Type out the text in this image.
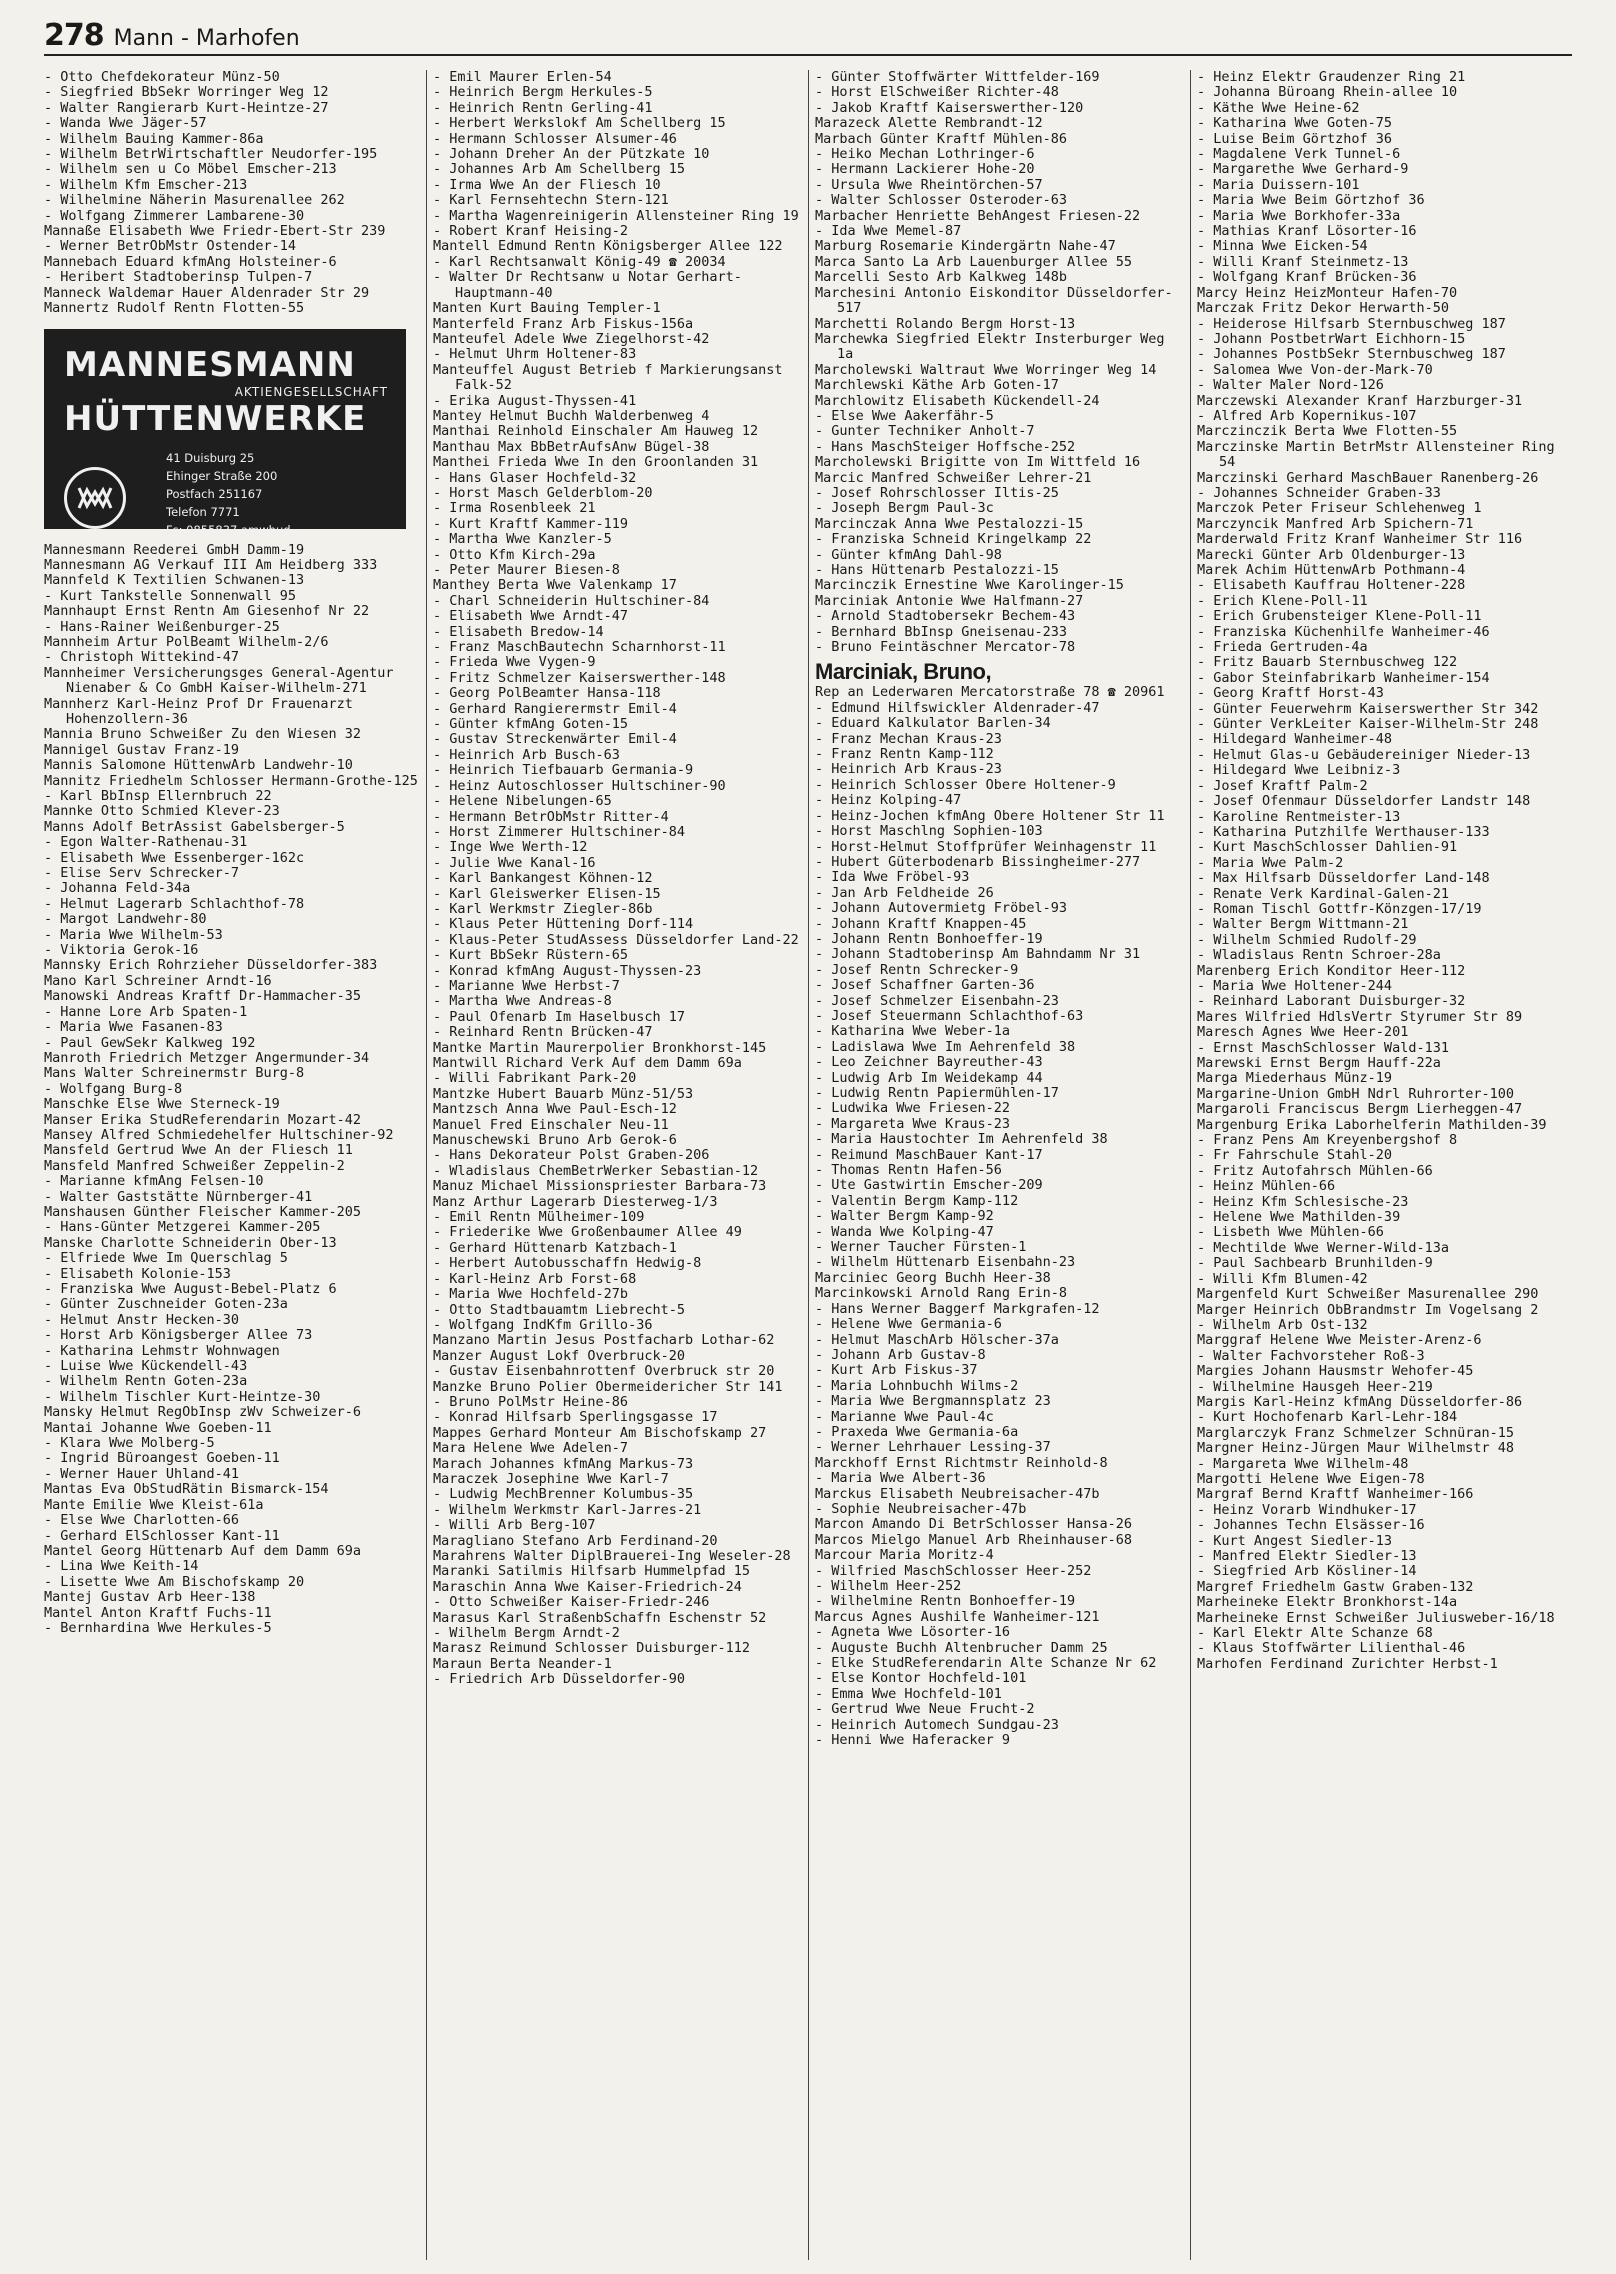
278 Mann - Marhofen
- Otto Chefdekorateur Münz-50
- Siegfried BbSekr Worringer Weg 12
- Walter Rangierarb Kurt-Heintze-27
- Wanda Wwe Jäger-57
- Wilhelm Bauing Kammer-86a
- Wilhelm BetrWirtschaftler Neudorfer-195
- Wilhelm sen u Co Möbel Emscher-213
- Wilhelm Kfm Emscher-213
- Wilhelmine Näherin Masurenallee 262
- Wolfgang Zimmerer Lambarene-30
Mannaße Elisabeth Wwe Friedr-Ebert-Str 239
- Werner BetrObMstr Ostender-14
Mannebach Eduard kfmAng Holsteiner-6
- Heribert Stadtoberinsp Tulpen-7
Manneck Waldemar Hauer Aldenrader Str 29
Mannertz Rudolf Rentn Flotten-55
MANNESMANN
AKTIENGESELLSCHAFT
HÜTTENWERKE
41 Duisburg 25
Ehinger Straße 200
Postfach 251167
Telefon 7771
Fs: 0855837 amwhud
Mannesmann Reederei GmbH Damm-19
Mannesmann AG Verkauf III Am Heidberg 333
Mannfeld K Textilien Schwanen-13
- Kurt Tankstelle Sonnenwall 95
Mannhaupt Ernst Rentn Am Giesenhof Nr 22
- Hans-Rainer Weißenburger-25
Mannheim Artur PolBeamt Wilhelm-2/6
- Christoph Wittekind-47
Mannheimer Versicherungsges General-Agentur Nienaber & Co GmbH Kaiser-Wilhelm-271
Mannherz Karl-Heinz Prof Dr Frauenarzt Hohenzollern-36
Mannia Bruno Schweißer Zu den Wiesen 32
Mannigel Gustav Franz-19
Mannis Salomone HüttenwArb Landwehr-10
Mannitz Friedhelm Schlosser Hermann-Grothe-125
- Karl BbInsp Ellernbruch 22
Mannke Otto Schmied Klever-23
Manns Adolf BetrAssist Gabelsberger-5
- Egon Walter-Rathenau-31
- Elisabeth Wwe Essenberger-162c
- Elise Serv Schrecker-7
- Johanna Feld-34a
- Helmut Lagerarb Schlachthof-78
- Margot Landwehr-80
- Maria Wwe Wilhelm-53
- Viktoria Gerok-16
Mannsky Erich Rohrzieher Düsseldorfer-383
Mano Karl Schreiner Arndt-16
Manowski Andreas Kraftf Dr-Hammacher-35
- Hanne Lore Arb Spaten-1
- Maria Wwe Fasanen-83
- Paul GewSekr Kalkweg 192
Manroth Friedrich Metzger Angermunder-34
Mans Walter Schreinermstr Burg-8
- Wolfgang Burg-8
Manschke Else Wwe Sterneck-19
Manser Erika StudReferendarin Mozart-42
Mansey Alfred Schmiedehelfer Hultschiner-92
Mansfeld Gertrud Wwe An der Fliesch 11
Mansfeld Manfred Schweißer Zeppelin-2
- Marianne kfmAng Felsen-10
- Walter Gaststätte Nürnberger-41
Manshausen Günther Fleischer Kammer-205
- Hans-Günter Metzgerei Kammer-205
Manske Charlotte Schneiderin Ober-13
- Elfriede Wwe Im Querschlag 5
- Elisabeth Kolonie-153
- Franziska Wwe August-Bebel-Platz 6
- Günter Zuschneider Goten-23a
- Helmut Anstr Hecken-30
- Horst Arb Königsberger Allee 73
- Katharina Lehmstr Wohnwagen
- Luise Wwe Kückendell-43
- Wilhelm Rentn Goten-23a
- Wilhelm Tischler Kurt-Heintze-30
Mansky Helmut RegObInsp zWv Schweizer-6
Mantai Johanne Wwe Goeben-11
- Klara Wwe Molberg-5
- Ingrid Büroangest Goeben-11
- Werner Hauer Uhland-41
Mantas Eva ObStudRätin Bismarck-154
Mante Emilie Wwe Kleist-61a
- Else Wwe Charlotten-66
- Gerhard ElSchlosser Kant-11
Mantel Georg Hüttenarb Auf dem Damm 69a
- Lina Wwe Keith-14
- Lisette Wwe Am Bischofskamp 20
Mantej Gustav Arb Heer-138
Mantel Anton Kraftf Fuchs-11
- Bernhardina Wwe Herkules-5
- Emil Maurer Erlen-54
- Heinrich Bergm Herkules-5
- Heinrich Rentn Gerling-41
- Herbert Werkslokf Am Schellberg 15
- Hermann Schlosser Alsumer-46
- Johann Dreher An der Pützkate 10
- Johannes Arb Am Schellberg 15
- Irma Wwe An der Fliesch 10
- Karl Fernsehtechn Stern-121
- Martha Wagenreinigerin Allensteiner Ring 19
- Robert Kranf Heising-2
Mantell Edmund Rentn Königsberger Allee 122
- Karl Rechtsanwalt König-49 ☎ 20034
- Walter Dr Rechtsanw u Notar Gerhart-Hauptmann-40
Manten Kurt Bauing Templer-1
Manterfeld Franz Arb Fiskus-156a
Manteufel Adele Wwe Ziegelhorst-42
- Helmut Uhrm Holtener-83
Manteuffel August Betrieb f Markierungsanst Falk-52
- Erika August-Thyssen-41
Mantey Helmut Buchh Walderbenweg 4
Manthai Reinhold Einschaler Am Hauweg 12
Manthau Max BbBetrAufsAnw Bügel-38
Manthei Frieda Wwe In den Groonlanden 31
- Hans Glaser Hochfeld-32
- Horst Masch Gelderblom-20
- Irma Rosenbleek 21
- Kurt Kraftf Kammer-119
- Martha Wwe Kanzler-5
- Otto Kfm Kirch-29a
- Peter Maurer Biesen-8
Manthey Berta Wwe Valenkamp 17
- Charl Schneiderin Hultschiner-84
- Elisabeth Wwe Arndt-47
- Elisabeth Bredow-14
- Franz MaschBautechn Scharnhorst-11
- Frieda Wwe Vygen-9
- Fritz Schmelzer Kaiserswerther-148
- Georg PolBeamter Hansa-118
- Gerhard Rangierermstr Emil-4
- Günter kfmAng Goten-15
- Gustav Streckenwärter Emil-4
- Heinrich Arb Busch-63
- Heinrich Tiefbauarb Germania-9
- Heinz Autoschlosser Hultschiner-90
- Helene Nibelungen-65
- Hermann BetrObMstr Ritter-4
- Horst Zimmerer Hultschiner-84
- Inge Wwe Werth-12
- Julie Wwe Kanal-16
- Karl Bankangest Köhnen-12
- Karl Gleiswerker Elisen-15
- Karl Werkmstr Ziegler-86b
- Klaus Peter Hüttening Dorf-114
- Klaus-Peter StudAssess Düsseldorfer Land-22
- Kurt BbSekr Rüstern-65
- Konrad kfmAng August-Thyssen-23
- Marianne Wwe Herbst-7
- Martha Wwe Andreas-8
- Paul Ofenarb Im Haselbusch 17
- Reinhard Rentn Brücken-47
Mantke Martin Maurerpolier Bronkhorst-145
Mantwill Richard Verk Auf dem Damm 69a
- Willi Fabrikant Park-20
Mantzke Hubert Bauarb Münz-51/53
Mantzsch Anna Wwe Paul-Esch-12
Manuel Fred Einschaler Neu-11
Manuschewski Bruno Arb Gerok-6
- Hans Dekorateur Polst Graben-206
- Wladislaus ChemBetrWerker Sebastian-12
Manuz Michael Missionspriester Barbara-73
Manz Arthur Lagerarb Diesterweg-1/3
- Emil Rentn Mülheimer-109
- Friederike Wwe Großenbaumer Allee 49
- Gerhard Hüttenarb Katzbach-1
- Herbert Autobusschaffn Hedwig-8
- Karl-Heinz Arb Forst-68
- Maria Wwe Hochfeld-27b
- Otto Stadtbauamtm Liebrecht-5
- Wolfgang IndKfm Grillo-36
Manzano Martin Jesus Postfacharb Lothar-62
Manzer August Lokf Overbruck-20
- Gustav Eisenbahnrottenf Overbruck str 20
Manzke Bruno Polier Obermeidericher Str 141
- Bruno PolMstr Heine-86
- Konrad Hilfsarb Sperlingsgasse 17
Mappes Gerhard Monteur Am Bischofskamp 27
Mara Helene Wwe Adelen-7
Marach Johannes kfmAng Markus-73
Maraczek Josephine Wwe Karl-7
- Ludwig MechBrenner Kolumbus-35
- Wilhelm Werkmstr Karl-Jarres-21
- Willi Arb Berg-107
Maragliano Stefano Arb Ferdinand-20
Marahrens Walter DiplBrauerei-Ing Weseler-28
Maranki Satilmis Hilfsarb Hummelpfad 15
Maraschin Anna Wwe Kaiser-Friedrich-24
- Otto Schweißer Kaiser-Friedr-246
Marasus Karl StraßenbSchaffn Eschenstr 52
- Wilhelm Bergm Arndt-2
Marasz Reimund Schlosser Duisburger-112
Maraun Berta Neander-1
- Friedrich Arb Düsseldorfer-90
- Günter Stoffwärter Wittfelder-169
- Horst ElSchweißer Richter-48
- Jakob Kraftf Kaiserswerther-120
Marazeck Alette Rembrandt-12
Marbach Günter Kraftf Mühlen-86
- Heiko Mechan Lothringer-6
- Hermann Lackierer Hohe-20
- Ursula Wwe Rheintörchen-57
- Walter Schlosser Osteroder-63
Marbacher Henriette BehAngest Friesen-22
- Ida Wwe Memel-87
Marburg Rosemarie Kindergärtn Nahe-47
Marca Santo La Arb Lauenburger Allee 55
Marcelli Sesto Arb Kalkweg 148b
Marchesini Antonio Eiskonditor Düsseldorfer-517
Marchetti Rolando Bergm Horst-13
Marchewka Siegfried Elektr Insterburger Weg 1a
Marcholewski Waltraut Wwe Worringer Weg 14
Marchlewski Käthe Arb Goten-17
Marchlowitz Elisabeth Kückendell-24
- Else Wwe Aakerfähr-5
- Gunter Techniker Anholt-7
- Hans MaschSteiger Hoffsche-252
Marcholewski Brigitte von Im Wittfeld 16
Marcic Manfred Schweißer Lehrer-21
- Josef Rohrschlosser Iltis-25
- Joseph Bergm Paul-3c
Marcinczak Anna Wwe Pestalozzi-15
- Franziska Schneid Kringelkamp 22
- Günter kfmAng Dahl-98
- Hans Hüttenarb Pestalozzi-15
Marcinczik Ernestine Wwe Karolinger-15
Marciniak Antonie Wwe Halfmann-27
- Arnold Stadtobersekr Bechem-43
- Bernhard BbInsp Gneisenau-233
- Bruno Feintäschner Mercator-78
Marciniak, Bruno,
Rep an Lederwaren Mercatorstraße 78 ☎ 20961
- Edmund Hilfswickler Aldenrader-47
- Eduard Kalkulator Barlen-34
- Franz Mechan Kraus-23
- Franz Rentn Kamp-112
- Heinrich Arb Kraus-23
- Heinrich Schlosser Obere Holtener-9
- Heinz Kolping-47
- Heinz-Jochen kfmAng Obere Holtener Str 11
- Horst Maschlng Sophien-103
- Horst-Helmut Stoffprüfer Weinhagenstr 11
- Hubert Güterbodenarb Bissingheimer-277
- Ida Wwe Fröbel-93
- Jan Arb Feldheide 26
- Johann Autovermietg Fröbel-93
- Johann Kraftf Knappen-45
- Johann Rentn Bonhoeffer-19
- Johann Stadtoberinsp Am Bahndamm Nr 31
- Josef Rentn Schrecker-9
- Josef Schaffner Garten-36
- Josef Schmelzer Eisenbahn-23
- Josef Steuermann Schlachthof-63
- Katharina Wwe Weber-1a
- Ladislawa Wwe Im Aehrenfeld 38
- Leo Zeichner Bayreuther-43
- Ludwig Arb Im Weidekamp 44
- Ludwig Rentn Papiermühlen-17
- Ludwika Wwe Friesen-22
- Margareta Wwe Kraus-23
- Maria Haustochter Im Aehrenfeld 38
- Reimund MaschBauer Kant-17
- Thomas Rentn Hafen-56
- Ute Gastwirtin Emscher-209
- Valentin Bergm Kamp-112
- Walter Bergm Kamp-92
- Wanda Wwe Kolping-47
- Werner Taucher Fürsten-1
- Wilhelm Hüttenarb Eisenbahn-23
Marciniec Georg Buchh Heer-38
Marcinkowski Arnold Rang Erin-8
- Hans Werner Baggerf Markgrafen-12
- Helene Wwe Germania-6
- Helmut MaschArb Hölscher-37a
- Johann Arb Gustav-8
- Kurt Arb Fiskus-37
- Maria Lohnbuchh Wilms-2
- Maria Wwe Bergmannsplatz 23
- Marianne Wwe Paul-4c
- Praxeda Wwe Germania-6a
- Werner Lehrhauer Lessing-37
Marckhoff Ernst Richtmstr Reinhold-8
- Maria Wwe Albert-36
Marckus Elisabeth Neubreisacher-47b
- Sophie Neubreisacher-47b
Marcon Amando Di BetrSchlosser Hansa-26
Marcos Mielgo Manuel Arb Rheinhauser-68
Marcour Maria Moritz-4
- Wilfried MaschSchlosser Heer-252
- Wilhelm Heer-252
- Wilhelmine Rentn Bonhoeffer-19
Marcus Agnes Aushilfe Wanheimer-121
- Agneta Wwe Lösorter-16
- Auguste Buchh Altenbrucher Damm 25
- Elke StudReferendarin Alte Schanze Nr 62
- Else Kontor Hochfeld-101
- Emma Wwe Hochfeld-101
- Gertrud Wwe Neue Frucht-2
- Heinrich Automech Sundgau-23
- Henni Wwe Haferacker 9
- Heinz Elektr Graudenzer Ring 21
- Johanna Büroang Rhein-allee 10
- Käthe Wwe Heine-62
- Katharina Wwe Goten-75
- Luise Beim Görtzhof 36
- Magdalene Verk Tunnel-6
- Margarethe Wwe Gerhard-9
- Maria Duissern-101
- Maria Wwe Beim Görtzhof 36
- Maria Wwe Borkhofer-33a
- Mathias Kranf Lösorter-16
- Minna Wwe Eicken-54
- Willi Kranf Steinmetz-13
- Wolfgang Kranf Brücken-36
Marcy Heinz HeizMonteur Hafen-70
Marczak Fritz Dekor Herwarth-50
- Heiderose Hilfsarb Sternbuschweg 187
- Johann PostbetrWart Eichhorn-15
- Johannes PostbSekr Sternbuschweg 187
- Salomea Wwe Von-der-Mark-70
- Walter Maler Nord-126
Marczewski Alexander Kranf Harzburger-31
- Alfred Arb Kopernikus-107
Marczinczik Berta Wwe Flotten-55
Marczinske Martin BetrMstr Allensteiner Ring 54
Marczinski Gerhard MaschBauer Ranenberg-26
- Johannes Schneider Graben-33
Marczok Peter Friseur Schlehenweg 1
Marczyncik Manfred Arb Spichern-71
Marderwald Fritz Kranf Wanheimer Str 116
Marecki Günter Arb Oldenburger-13
Marek Achim HüttenwArb Pothmann-4
- Elisabeth Kauffrau Holtener-228
- Erich Klene-Poll-11
- Erich Grubensteiger Klene-Poll-11
- Franziska Küchenhilfe Wanheimer-46
- Frieda Gertruden-4a
- Fritz Bauarb Sternbuschweg 122
- Gabor Steinfabrikarb Wanheimer-154
- Georg Kraftf Horst-43
- Günter Feuerwehrm Kaiserswerther Str 342
- Günter VerkLeiter Kaiser-Wilhelm-Str 248
- Hildegard Wanheimer-48
- Helmut Glas-u Gebäudereiniger Nieder-13
- Hildegard Wwe Leibniz-3
- Josef Kraftf Palm-2
- Josef Ofenmaur Düsseldorfer Landstr 148
- Karoline Rentmeister-13
- Katharina Putzhilfe Werthauser-133
- Kurt MaschSchlosser Dahlien-91
- Maria Wwe Palm-2
- Max Hilfsarb Düsseldorfer Land-148
- Renate Verk Kardinal-Galen-21
- Roman Tischl Gottfr-Könzgen-17/19
- Walter Bergm Wittmann-21
- Wilhelm Schmied Rudolf-29
- Wladislaus Rentn Schroer-28a
Marenberg Erich Konditor Heer-112
- Maria Wwe Holtener-244
- Reinhard Laborant Duisburger-32
Mares Wilfried HdlsVertr Styrumer Str 89
Maresch Agnes Wwe Heer-201
- Ernst MaschSchlosser Wald-131
Marewski Ernst Bergm Hauff-22a
Marga Miederhaus Münz-19
Margarine-Union GmbH Ndrl Ruhrorter-100
Margaroli Franciscus Bergm Lierheggen-47
Margenburg Erika Laborhelferin Mathilden-39
- Franz Pens Am Kreyenbergshof 8
- Fr Fahrschule Stahl-20
- Fritz Autofahrsch Mühlen-66
- Heinz Mühlen-66
- Heinz Kfm Schlesische-23
- Helene Wwe Mathilden-39
- Lisbeth Wwe Mühlen-66
- Mechtilde Wwe Werner-Wild-13a
- Paul Sachbearb Brunhilden-9
- Willi Kfm Blumen-42
Margenfeld Kurt Schweißer Masurenallee 290
Marger Heinrich ObBrandmstr Im Vogelsang 2
- Wilhelm Arb Ost-132
Marggraf Helene Wwe Meister-Arenz-6
- Walter Fachvorsteher Roß-3
Margies Johann Hausmstr Wehofer-45
- Wilhelmine Hausgeh Heer-219
Margis Karl-Heinz kfmAng Düsseldorfer-86
- Kurt Hochofenarb Karl-Lehr-184
Marglarczyk Franz Schmelzer Schnüran-15
Margner Heinz-Jürgen Maur Wilhelmstr 48
- Margareta Wwe Wilhelm-48
Margotti Helene Wwe Eigen-78
Margraf Bernd Kraftf Wanheimer-166
- Heinz Vorarb Windhuker-17
- Johannes Techn Elsässer-16
- Kurt Angest Siedler-13
- Manfred Elektr Siedler-13
- Siegfried Arb Kösliner-14
Margref Friedhelm Gastw Graben-132
Marheineke Elektr Bronkhorst-14a
Marheineke Ernst Schweißer Juliusweber-16/18
- Karl Elektr Alte Schanze 68
- Klaus Stoffwärter Lilienthal-46
Marhofen Ferdinand Zurichter Herbst-1
